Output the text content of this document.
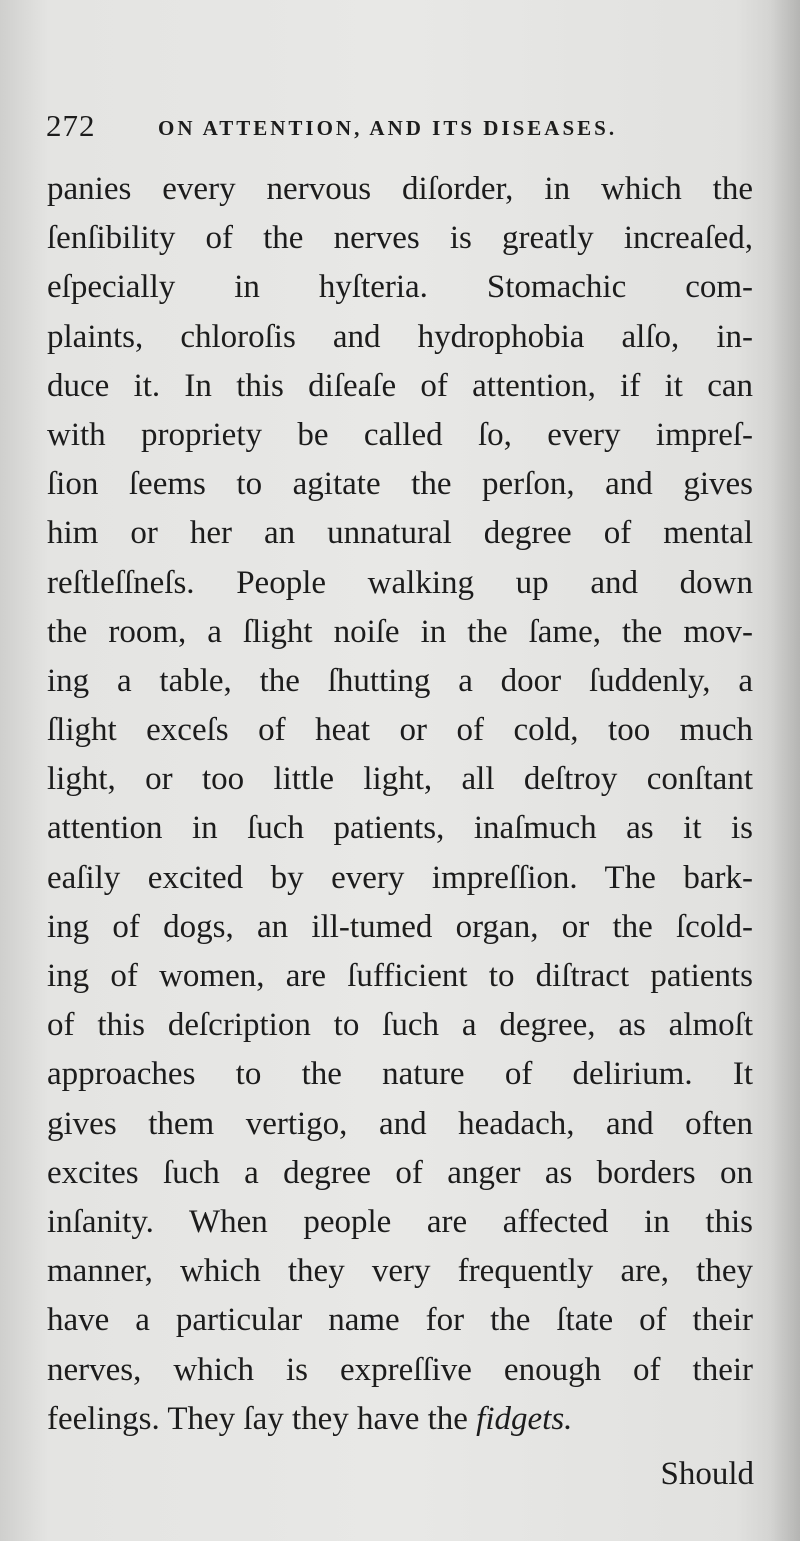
272	ON ATTENTION, AND ITS DISEASES.
panies every nervous diſorder, in which the
ſenſibility of the nerves is greatly increaſed,
eſpecially in hyſteria. Stomachic com-
plaints, chloroſis and hydrophobia alſo, in-
duce it. In this diſeaſe of attention, if it can
with propriety be called ſo, every impreſ-
ſion ſeems to agitate the perſon, and gives
him or her an unnatural degree of mental
reſtleſſneſs. People walking up and down
the room, a ſlight noiſe in the ſame, the mov-
ing a table, the ſhutting a door ſuddenly, a
ſlight exceſs of heat or of cold, too much
light, or too little light, all deſtroy conſtant
attention in ſuch patients, inaſmuch as it is
eaſily excited by every impreſſion. The bark-
ing of dogs, an ill-tumed organ, or the ſcold-
ing of women, are ſufficient to diſtract patients
of this deſcription to ſuch a degree, as almoſt
approaches to the nature of delirium. It
gives them vertigo, and headach, and often
excites ſuch a degree of anger as borders on
inſanity. When people are affected in this
manner, which they very frequently are, they
have a particular name for the ſtate of their
nerves, which is expreſſive enough of their
feelings. They ſay they have the fidgets.
Should
